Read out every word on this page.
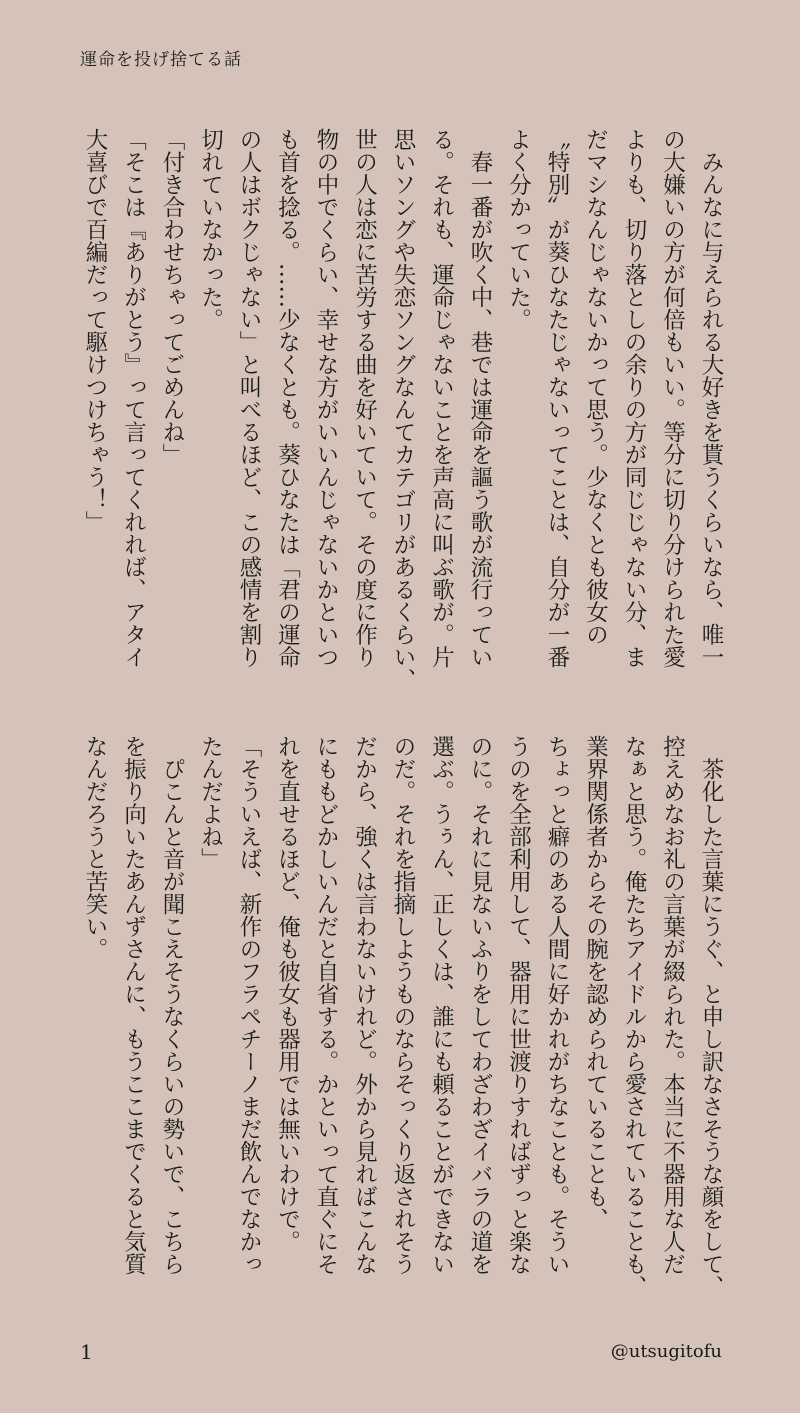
運命を投げ捨てる話

　みんなに与えられる大好きを貰うくらいなら、唯一

の大嫌いの方が何倍もいい。等分に切り分けられた愛

よりも、切り落としの余りの方が同じじゃない分、ま

だマシなんじゃないかって思う。少なくとも彼女の

〝特別〟が葵ひなたじゃないってことは、自分が一番

よく分かっていた。

　春一番が吹く中、巷では運命を謳う歌が流行ってい

る。それも、運命じゃないことを声高に叫ぶ歌が。片

思いソングや失恋ソングなんてカテゴリがあるくらい、

世の人は恋に苦労する曲を好いていて。その度に作り

物の中でくらい、幸せな方がいいんじゃないかといつ

も首を捻る。……少なくとも。葵ひなたは「君の運命

の人はボクじゃない」と叫べるほど、この感情を割り

切れていなかった。

「付き合わせちゃってごめんね」

「そこは『ありがとう』って言ってくれれば、アタイ

大喜びで百編だって駆けつけちゃう！」

　茶化した言葉にうぐ、と申し訳なさそうな顔をして、

控えめなお礼の言葉が綴られた。本当に不器用な人だ

なぁと思う。俺たちアイドルから愛されていることも、

業界関係者からその腕を認められていることも、

ちょっと癖のある人間に好かれがちなことも。そうい

うのを全部利用して、器用に世渡りすればずっと楽な

のに。それに見ないふりをしてわざわざイバラの道を

選ぶ。うぅん、正しくは、誰にも頼ることができない

のだ。それを指摘しようものならそっくり返されそう

だから、強くは言わないけれど。外から見ればこんな

にももどかしいんだと自省する。かといって直ぐにそ

れを直せるほど、俺も彼女も器用では無いわけで。

「そういえば、新作のフラペチーノまだ飲んでなかっ

たんだよね」

　ぴこんと音が聞こえそうなくらいの勢いで、こちら

を振り向いたあんずさんに、もうここまでくると気質

なんだろうと苦笑い。

1	@utsugitofu
